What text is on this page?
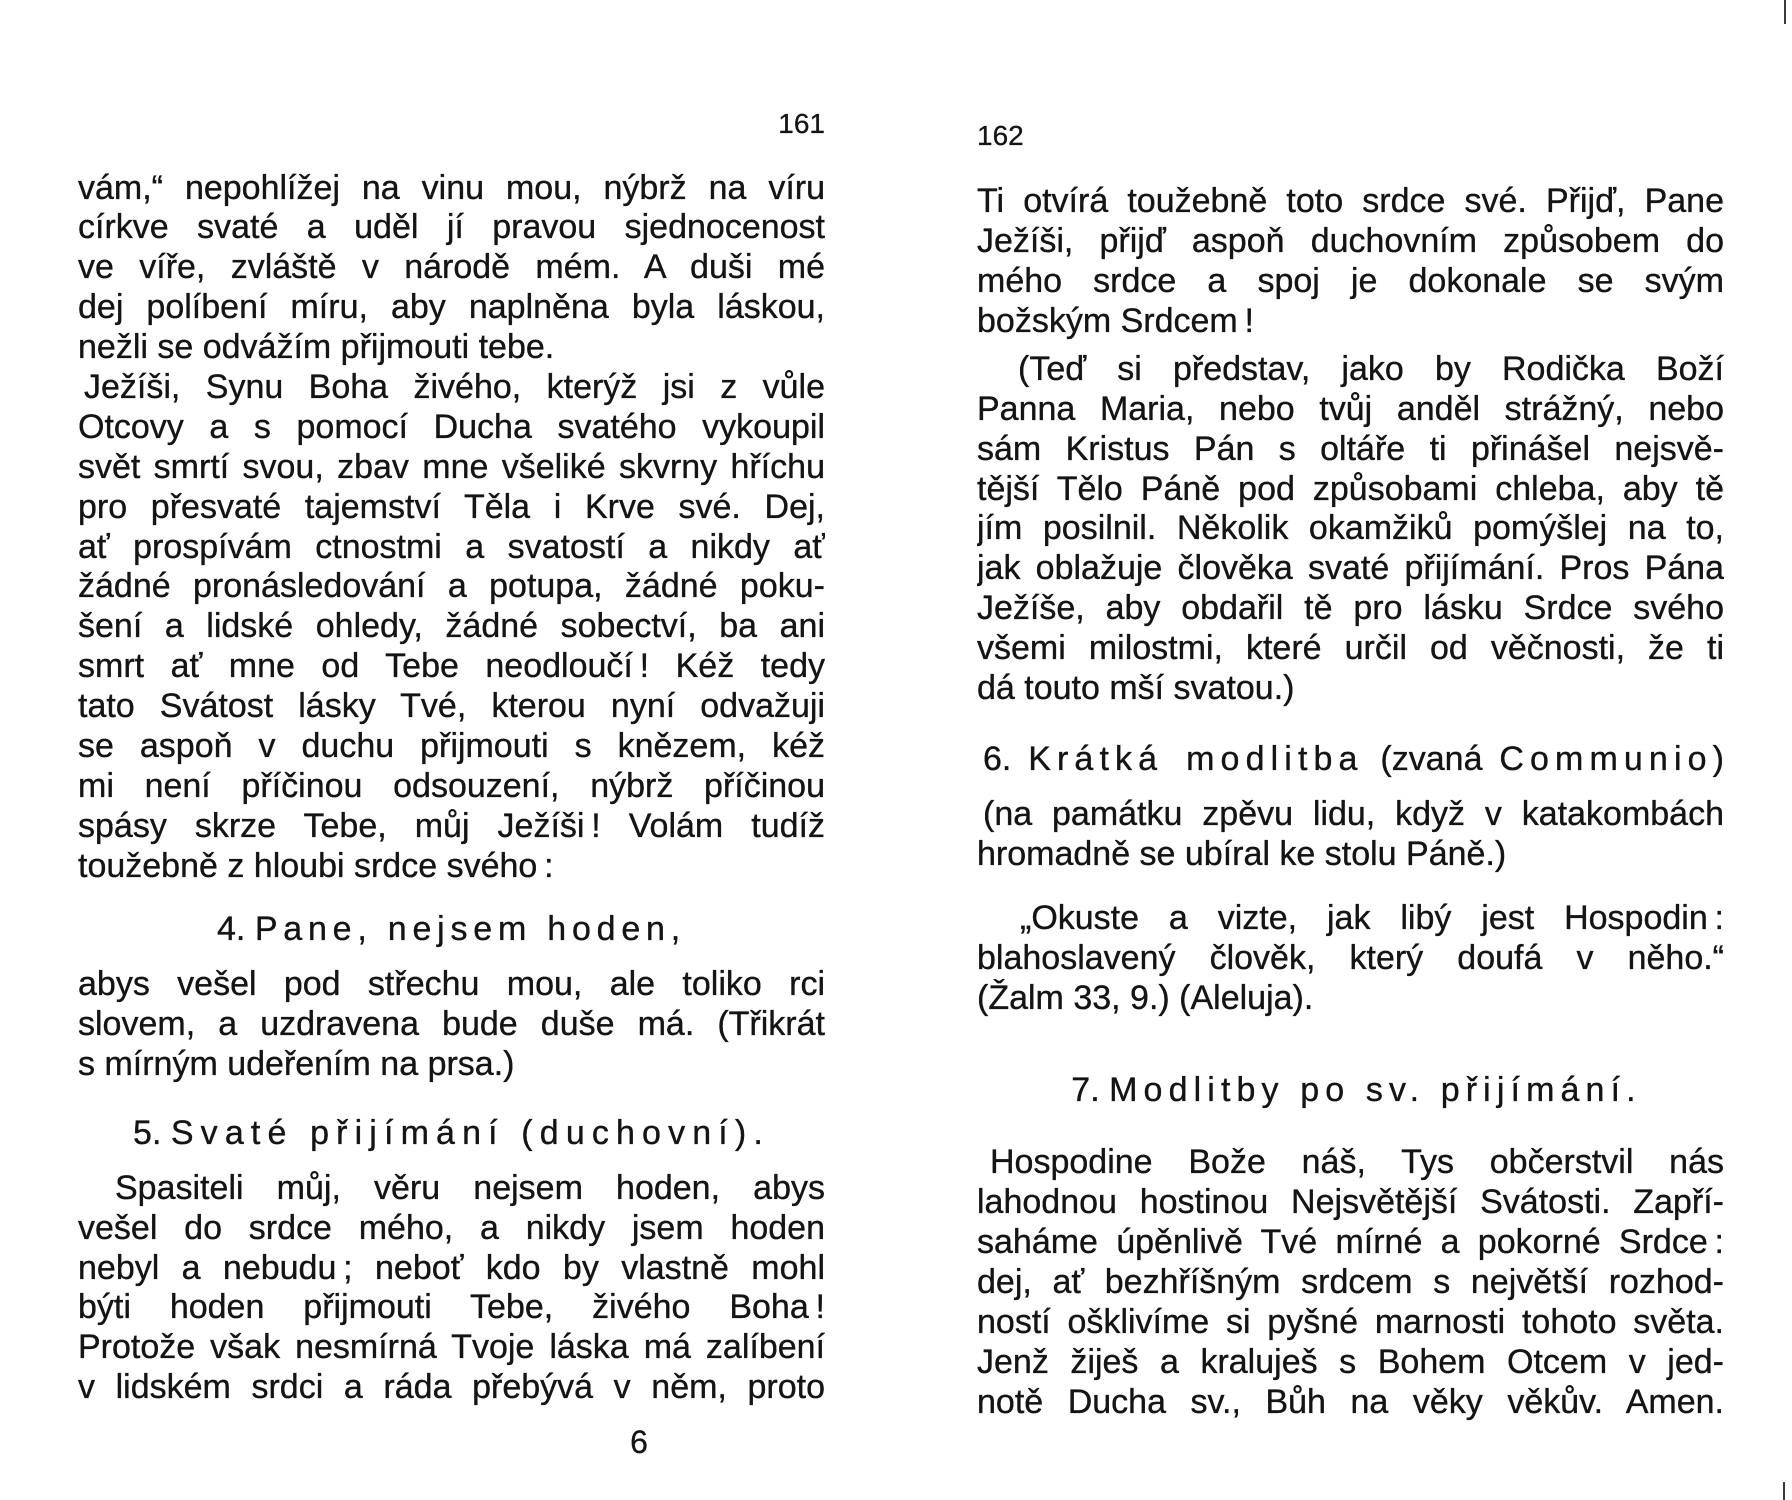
161	162
vám,“ nepohlížej na vinu mou, nýbrž na víru
církve svaté a uděl jí pravou sjednocenost
ve víře, zvláště v národě mém. A duši mé
dej políbení míru, aby naplněna byla láskou,
nežli se odvážím přijmouti tebe.
Ježíši, Synu Boha živého, kterýž jsi z vůle
Otcovy a s pomocí Ducha svatého vykoupil
svět smrtí svou, zbav mne všeliké skvrny hříchu
pro přesvaté tajemství Těla i Krve své. Dej,
ať prospívám ctnostmi a svatostí a nikdy ať
žádné pronásledování a potupa, žádné poku-
šení a lidské ohledy, žádné sobectví, ba ani
smrt ať mne od Tebe neodloučí ! Kéž tedy
tato Svátost lásky Tvé, kterou nyní odvažuji
se aspoň v duchu přijmouti s knězem, kéž
mi není příčinou odsouzení, nýbrž příčinou
spásy skrze Tebe, můj Ježíši ! Volám tudíž
toužebně z hloubi srdce svého :
4. Pane, nejsem hoden,
abys vešel pod střechu mou, ale toliko rci
slovem, a uzdravena bude duše má. (Třikrát
s mírným udeřením na prsa.)
5. Svaté přijímání (duchovní).
Spasiteli můj, věru nejsem hoden, abys
vešel do srdce mého, a nikdy jsem hoden
nebyl a nebudu ; neboť kdo by vlastně mohl
býti hoden přijmouti Tebe, živého Boha !
Protože však nesmírná Tvoje láska má zalíbení
v lidském srdci a ráda přebývá v něm, proto
6
Ti otvírá toužebně toto srdce své. Přijď, Pane
Ježíši, přijď aspoň duchovním způsobem do
mého srdce a spoj je dokonale se svým
božským Srdcem !
(Teď si představ, jako by Rodička Boží
Panna Maria, nebo tvůj anděl strážný, nebo
sám Kristus Pán s oltáře ti přinášel nejsvě-
tější Tělo Páně pod způsobami chleba, aby tě
jím posilnil. Několik okamžiků pomýšlej na to,
jak oblažuje člověka svaté přijímání. Pros Pána
Ježíše, aby obdařil tě pro lásku Srdce svého
všemi milostmi, které určil od věčnosti, že ti
dá touto mší svatou.)
6. Krátká modlitba (zvaná Communio)
(na památku zpěvu lidu, když v katakombách
hromadně se ubíral ke stolu Páně.)
„Okuste a vizte, jak libý jest Hospodin :
blahoslavený člověk, který doufá v něho.“
(Žalm 33, 9.) (Aleluja).
7. Modlitby po sv. přijímání.
Hospodine Bože náš, Tys občerstvil nás
lahodnou hostinou Nejsvětější Svátosti. Zapří-
saháme úpěnlivě Tvé mírné a pokorné Srdce :
dej, ať bezhříšným srdcem s největší rozhod-
ností ošklivíme si pyšné marnosti tohoto světa.
Jenž žiješ a kraluješ s Bohem Otcem v jed-
notě Ducha sv., Bůh na věky věkův. Amen.
